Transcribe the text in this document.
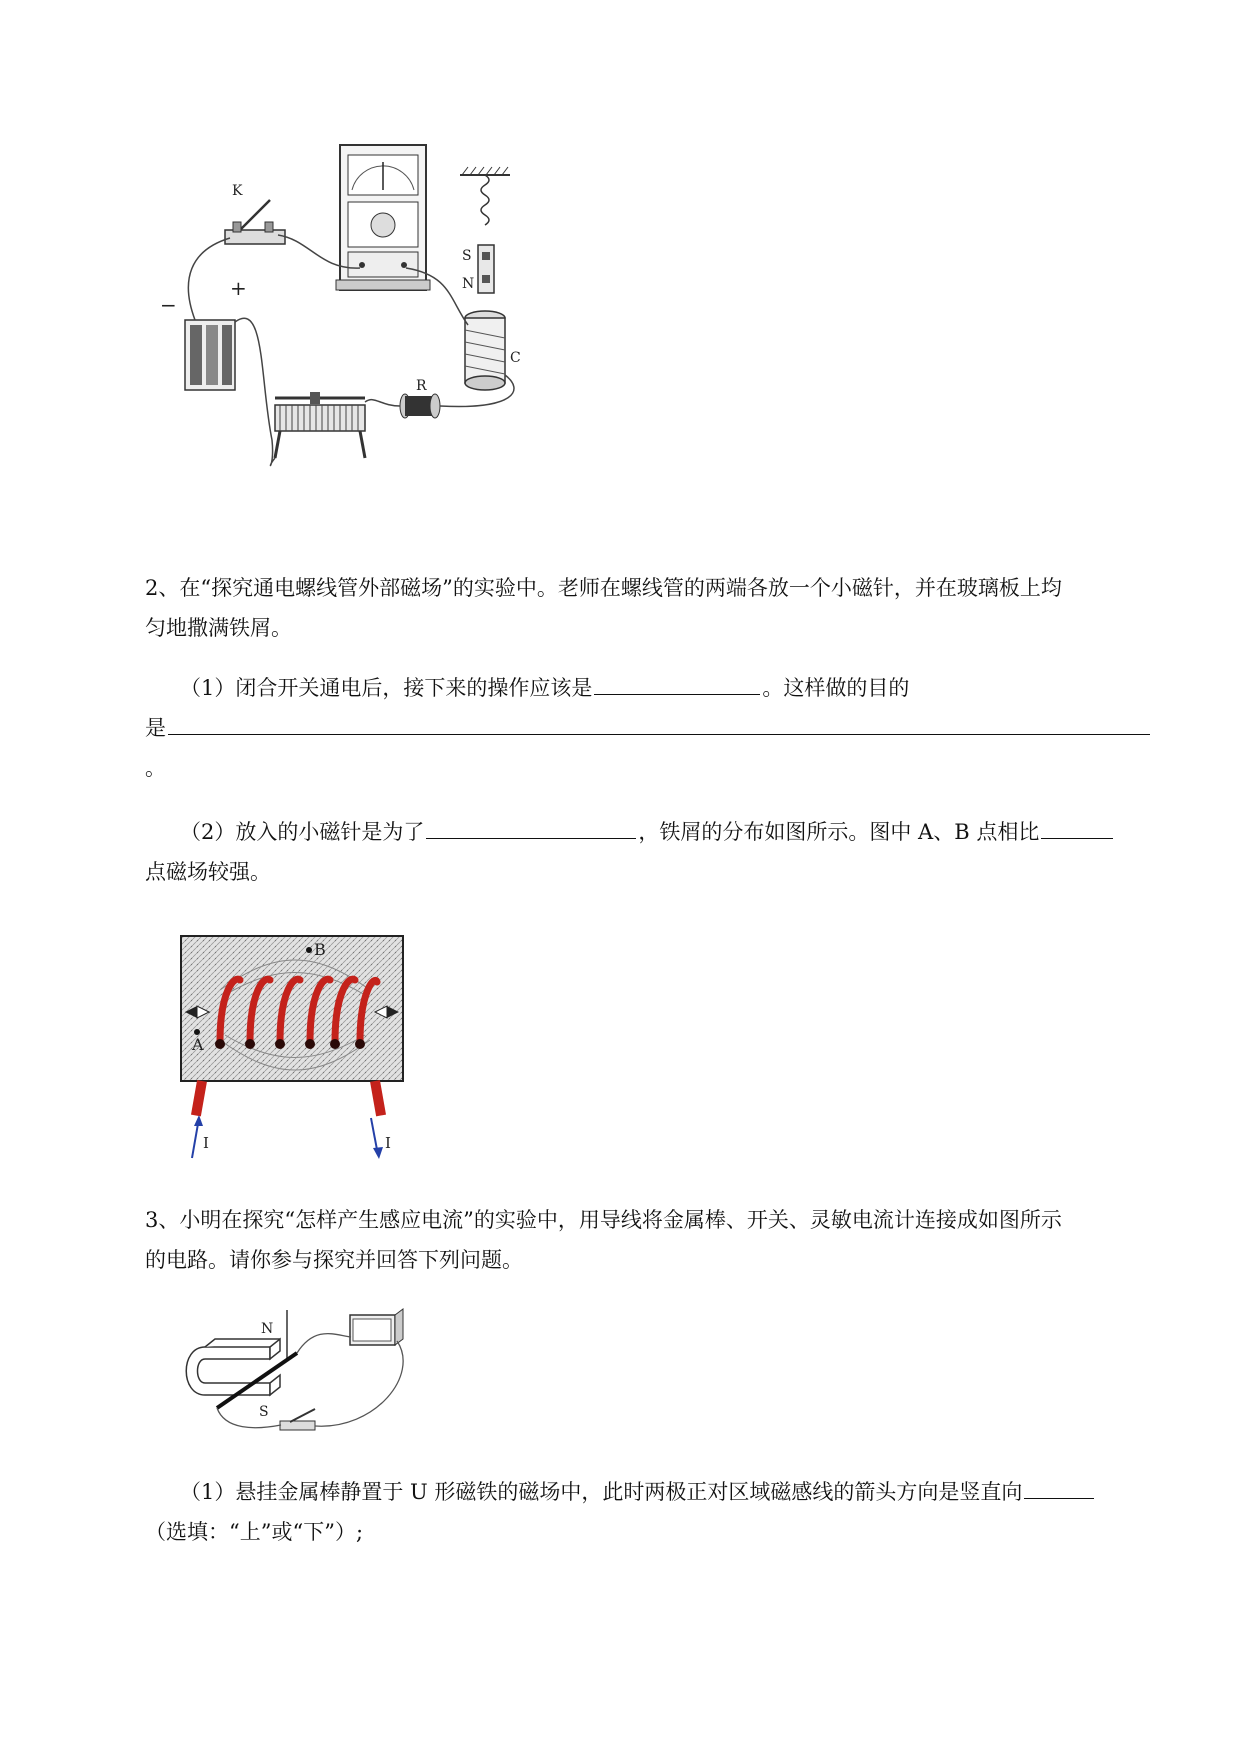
K
S
N
C
−
+
R
2、在“探究通电螺线管外部磁场”的实验中。老师在螺线管的两端各放一个小磁针，并在玻璃板上均
匀地撒满铁屑。
（1）闭合开关通电后，接下来的操作应该是	。这样做的目的
是
。
（2）放入的小磁针是为了	，铁屑的分布如图所示。图中 A、B 点相比
点磁场较强。
B
A
I	I
3、小明在探究“怎样产生感应电流”的实验中，用导线将金属棒、开关、灵敏电流计连接成如图所示
的电路。请你参与探究并回答下列问题。
N
S
（1）悬挂金属棒静置于 U 形磁铁的磁场中，此时两极正对区域磁感线的箭头方向是竖直向
（选填：“上”或“下”）;
